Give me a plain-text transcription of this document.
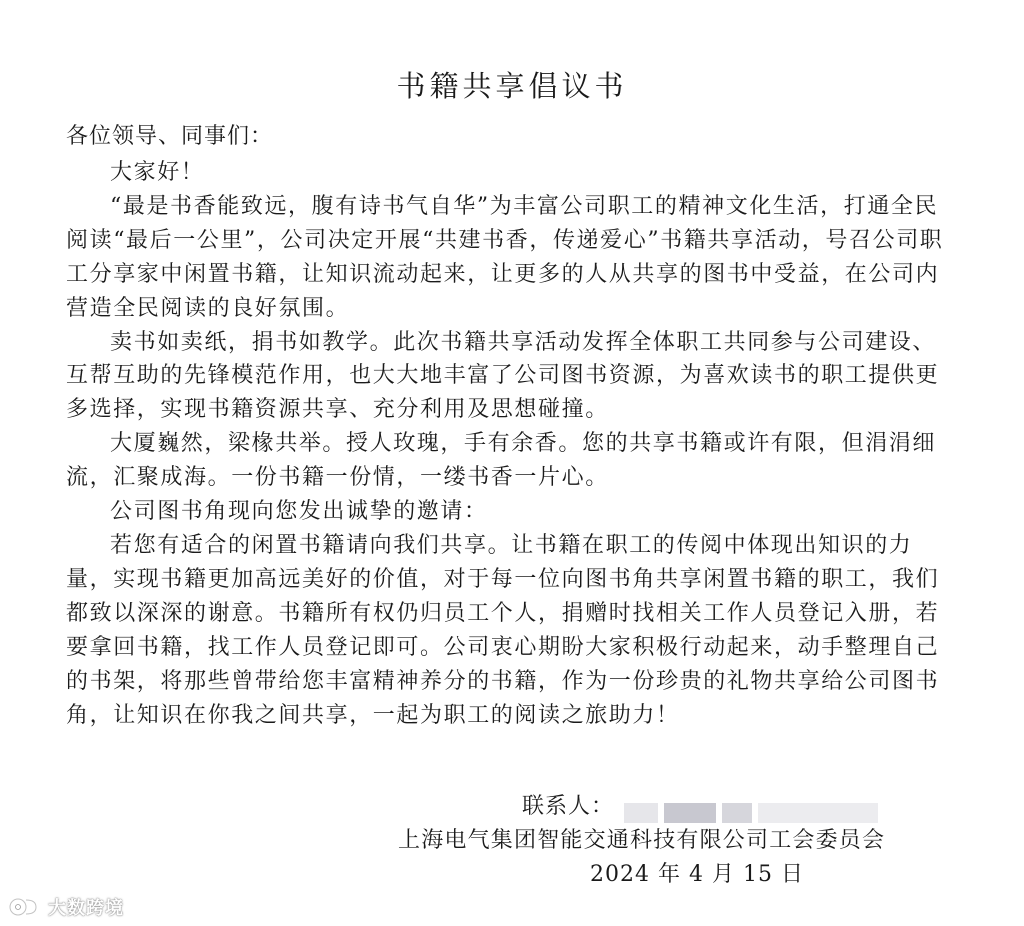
书籍共享倡议书
各位领导、同事们：

大家好！

“最是书香能致远，腹有诗书气自华”为丰富公司职工的精神文化生活，打通全民阅读“最后一公里”，公司决定开展“共建书香，传递爱心”书籍共享活动，号召公司职工分享家中闲置书籍，让知识流动起来，让更多的人从共享的图书中受益，在公司内营造全民阅读的良好氛围。

卖书如卖纸，捐书如教学。此次书籍共享活动发挥全体职工共同参与公司建设、互帮互助的先锋模范作用，也大大地丰富了公司图书资源，为喜欢读书的职工提供更多选择，实现书籍资源共享、充分利用及思想碰撞。

大厦巍然，梁椽共举。授人玫瑰，手有余香。您的共享书籍或许有限，但涓涓细流，汇聚成海。一份书籍一份情，一缕书香一片心。

公司图书角现向您发出诚挚的邀请：

若您有适合的闲置书籍请向我们共享。让书籍在职工的传阅中体现出知识的力量，实现书籍更加高远美好的价值，对于每一位向图书角共享闲置书籍的职工，我们都致以深深的谢意。书籍所有权仍归员工个人，捐赠时找相关工作人员登记入册，若要拿回书籍，找工作人员登记即可。公司衷心期盼大家积极行动起来，动手整理自己的书架，将那些曾带给您丰富精神养分的书籍，作为一份珍贵的礼物共享给公司图书角，让知识在你我之间共享，一起为职工的阅读之旅助力！

联系人：
上海电气集团智能交通科技有限公司工会委员会
2024 年 4 月 15 日
大数跨境
